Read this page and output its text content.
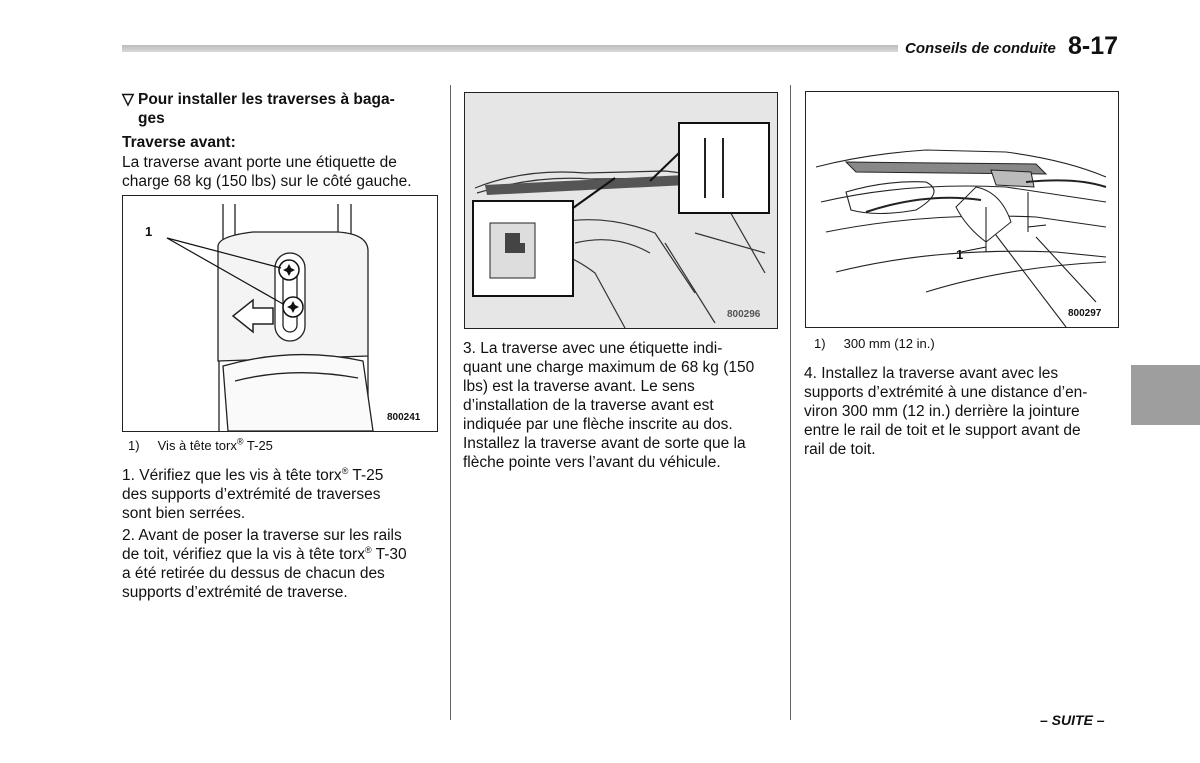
Conseils de conduite 8-17
▽ Pour installer les traverses à baga-
ges
Traverse avant:
La traverse avant porte une étiquette de
charge 68 kg (150 lbs) sur le côté gauche.
1
800241
1) Vis à tête torx® T-25
1. Vérifiez que les vis à tête torx® T-25
des supports d’extrémité de traverses
sont bien serrées.
2. Avant de poser la traverse sur les rails
de toit, vérifiez que la vis à tête torx® T-30
a été retirée du dessus de chacun des
supports d’extrémité de traverse.
800296
3. La traverse avec une étiquette indi-
quant une charge maximum de 68 kg (150
lbs) est la traverse avant. Le sens
d’installation de la traverse avant est
indiquée par une flèche inscrite au dos.
Installez la traverse avant de sorte que la
flèche pointe vers l’avant du véhicule.
1
800297
1) 300 mm (12 in.)
4. Installez la traverse avant avec les
supports d’extrémité à une distance d’en-
viron 300 mm (12 in.) derrière la jointure
entre le rail de toit et le support avant de
rail de toit.
– SUITE –
